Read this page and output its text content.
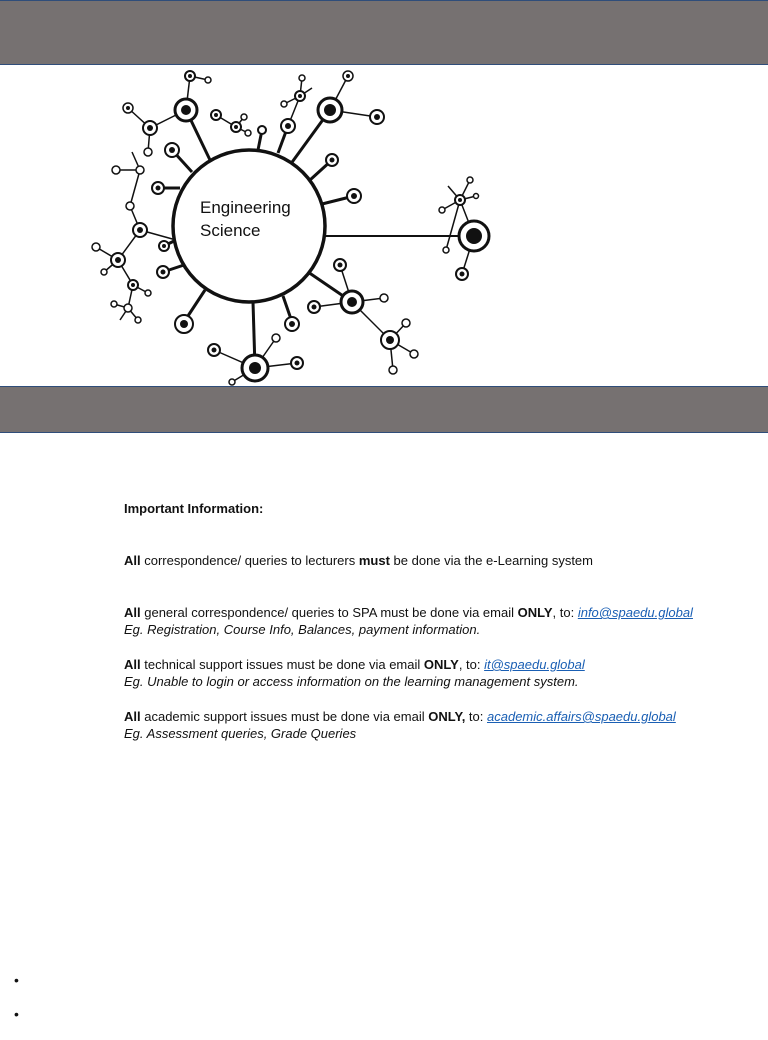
Engineering
Science

Important Information:

All correspondence/ queries to lecturers must be done via the e-Learning system

All general correspondence/ queries to SPA must be done via email ONLY, to: info@spaedu.global
Eg. Registration, Course Info, Balances, payment information.

All technical support issues must be done via email ONLY, to: it@spaedu.global
Eg. Unable to login or access information on the learning management system.

All academic support issues must be done via email ONLY, to: academic.affairs@spaedu.global
Eg. Assessment queries, Grade Queries

•
•
